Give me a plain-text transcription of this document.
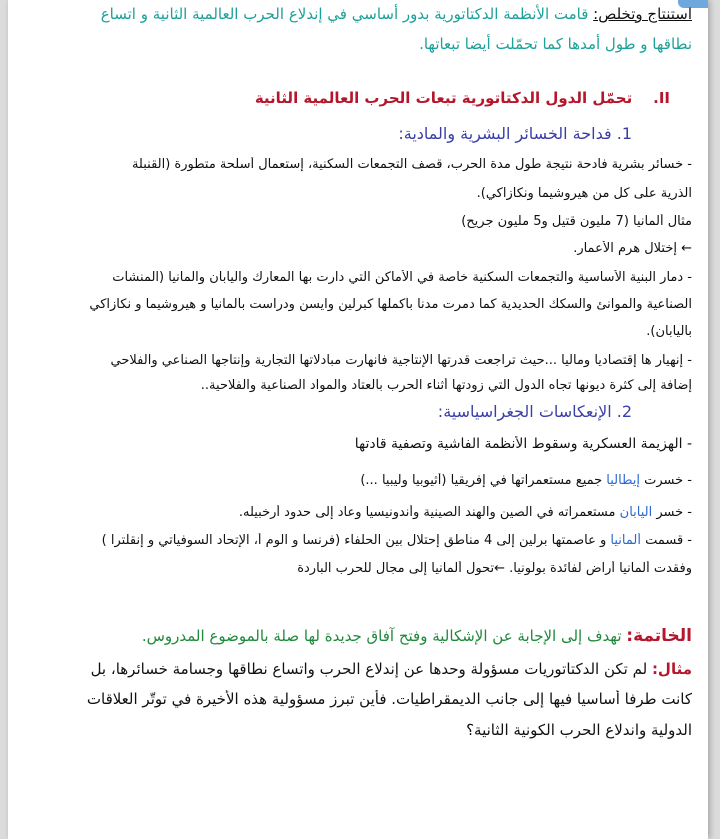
استنتاج وتخلص: قامت الأنظمة الدكتاتورية بدور أساسي في إندلاع الحرب العالمية الثانية و اتساع
نطاقها و طول أمدها كما تحمّلت أيضا تبعاتها.
II.    تحمّل الدول الدكتاتورية تبعات الحرب العالمية الثانية
1. فداحة الخسائر البشرية والمادية:
- خسائر بشرية فادحة نتيجة طول مدة الحرب، قصف التجمعات السكنية، إستعمال أسلحة متطورة (القنبلة
الذرية على كل من هيروشيما ونكازاكي).
مثال ألمانيا (7 مليون قتيل و5 مليون جريح)
← إختلال هرم الأعمار.
- دمار البنية الأساسية والتجمعات السكنية خاصة في الأماكن التي دارت بها المعارك واليابان والمانيا (المنشآت
الصناعية والموانئ والسكك الحديدية كما دمرت مدنا بأكملها كبرلين وايسن ودراست بألمانيا و هيروشيما و نكازاكي
باليابان).
- إنهيار ها إقتصاديا وماليا ...حيث تراجعت قدرتها الإنتاجية فانهارت مبادلاتها التجارية وإنتاجها الصناعي والفلاحي
إضافة إلى كثرة ديونها تجاه الدول التي زودتها أثناء الحرب بالعتاد والمواد الصناعية والفلاحية..
2. الإنعكاسات الجغراسياسية:
- الهزيمة العسكرية وسقوط الأنظمة الفاشية وتصفية قادتها
- خسرت إيطاليا جميع مستعمراتها في إفريقيا (أثيوبيا وليبيا ...)
- خسر اليابان مستعمراته في الصين والهند الصينية وأندونيسيا وعاد إلى حدود أرخبيله.
- قسمت ألمانيا و عاصمتها برلين إلى 4 مناطق إحتلال بين الحلفاء (فرنسا و الوم أ، الإتحاد السوفياتي و إنقلترا )
وفقدت ألمانيا أراض لفائدة بولونيا. ←تحول ألمانيا إلى مجال للحرب الباردة
الخاتمة: تهدف إلى الإجابة عن الإشكالية وفتح آفاق جديدة لها صلة بالموضوع المدروس.
مثال: لم تكن الدكتاتوريات مسؤولة وحدها عن إندلاع الحرب واتساع نطاقها وجسامة خسائرها، بل
كانت طرفا أساسيا فيها إلى جانب الديمقراطيات. فأين تبرز مسؤولية هذه الأخيرة في توتّر العلاقات
الدولية واندلاع الحرب الكونية الثانية؟
